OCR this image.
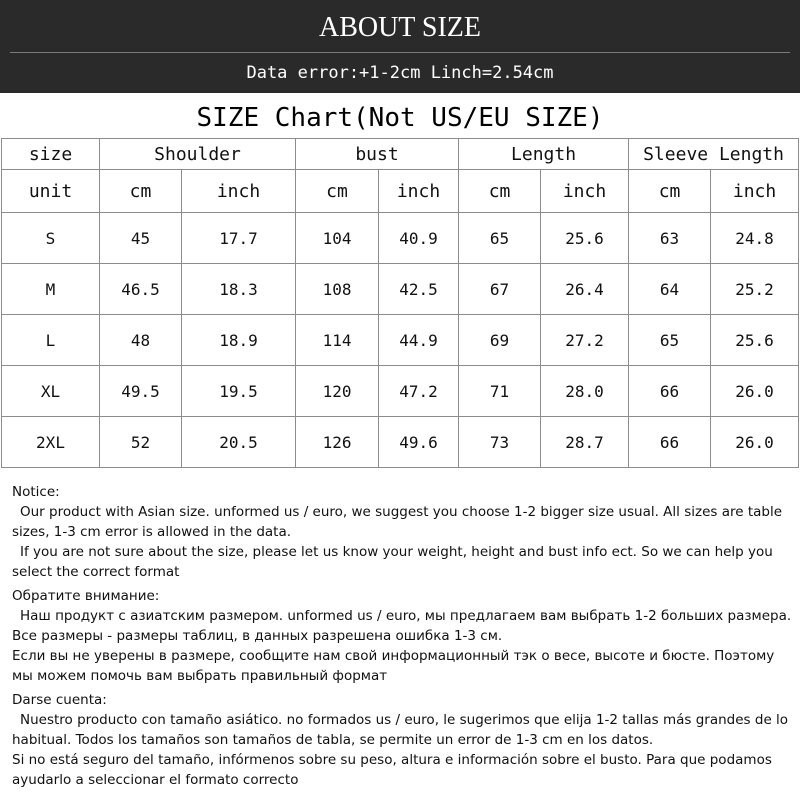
ABOUT SIZE
Data error:+1-2cm Linch=2.54cm
SIZE Chart(Not US/EU SIZE)
size	Shoulder		bust		Length		Sleeve Length	
unit	cm	inch	cm	inch	cm	inch	cm	inch
S	45	17.7	104	40.9	65	25.6	63	24.8
M	46.5	18.3	108	42.5	67	26.4	64	25.2
L	48	18.9	114	44.9	69	27.2	65	25.6
XL	49.5	19.5	120	47.2	71	28.0	66	26.0
2XL	52	20.5	126	49.6	73	28.7	66	26.0

Notice:

Our product with Asian size. unformed us / euro, we suggest you choose 1-2 bigger size usual. All sizes are table sizes, 1-3 cm error is allowed in the data.

If you are not sure about the size, please let us know your weight, height and bust info ect. So we can help you select the correct format

Обратите внимание:

Наш продукт с азиатским размером. unformed us / euro, мы предлагаем вам выбрать 1-2 больших размера. Все размеры - размеры таблиц, в данных разрешена ошибка 1-3 см.

Если вы не уверены в размере, сообщите нам свой информационный тэк о весе, высоте и бюсте. Поэтому мы можем помочь вам выбрать правильный формат

Darse cuenta:

Nuestro producto con tamaño asiático. no formados us / euro, le sugerimos que elija 1-2 tallas más grandes de lo habitual. Todos los tamaños son tamaños de tabla, se permite un error de 1-3 cm en los datos.

Si no está seguro del tamaño, infórmenos sobre su peso, altura e información sobre el busto. Para que podamos ayudarlo a seleccionar el formato correcto
